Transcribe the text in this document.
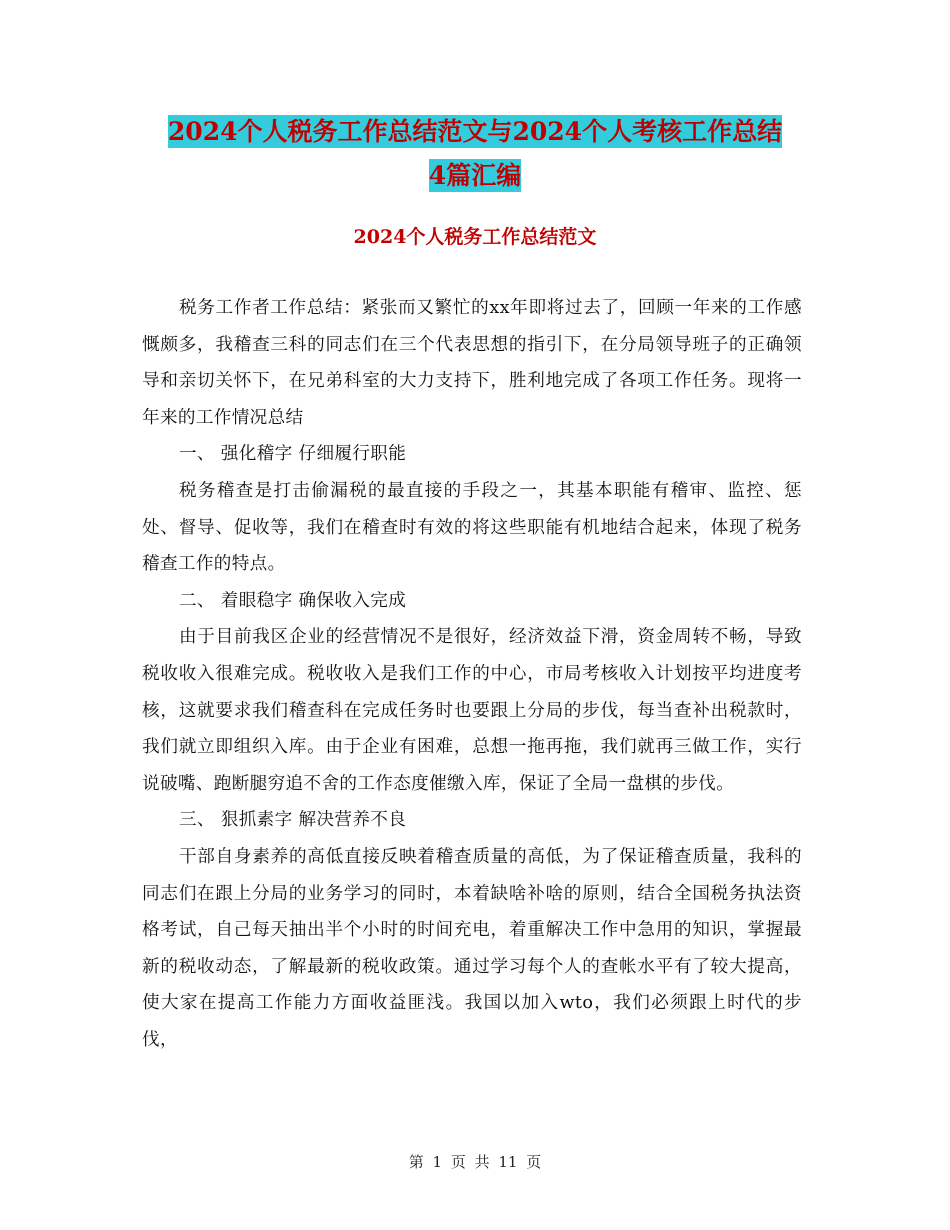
2024个人税务工作总结范文与2024个人考核工作总结
4篇汇编
2024个人税务工作总结范文

税务工作者工作总结：紧张而又繁忙的xx年即将过去了，回顾一年来的工作感慨颇多，我稽查三科的同志们在三个代表思想的指引下，在分局领导班子的正确领导和亲切关怀下，在兄弟科室的大力支持下，胜利地完成了各项工作任务。现将一年来的工作情况总结

一、 强化稽字 仔细履行职能

税务稽查是打击偷漏税的最直接的手段之一，其基本职能有稽审、监控、惩处、督导、促收等，我们在稽查时有效的将这些职能有机地结合起来，体现了税务稽查工作的特点。

二、 着眼稳字 确保收入完成

由于目前我区企业的经营情况不是很好，经济效益下滑，资金周转不畅，导致税收收入很难完成。税收收入是我们工作的中心，市局考核收入计划按平均进度考核，这就要求我们稽查科在完成任务时也要跟上分局的步伐，每当查补出税款时，我们就立即组织入库。由于企业有困难，总想一拖再拖，我们就再三做工作，实行 说破嘴、跑断腿穷追不舍的工作态度催缴入库，保证了全局一盘棋的步伐。

三、 狠抓素字 解决营养不良

干部自身素养的高低直接反映着稽查质量的高低，为了保证稽查质量，我科的同志们在跟上分局的业务学习的同时，本着缺啥补啥的原则，结合全国税务执法资格考试，自己每天抽出半个小时的时间充电，着重解决工作中急用的知识，掌握最新的税收动态，了解最新的税收政策。通过学习每个人的查帐水平有了较大提高，使大家在提高工作能力方面收益匪浅。我国以加入wto，我们必须跟上时代的步伐，

第 1 页 共 11 页
